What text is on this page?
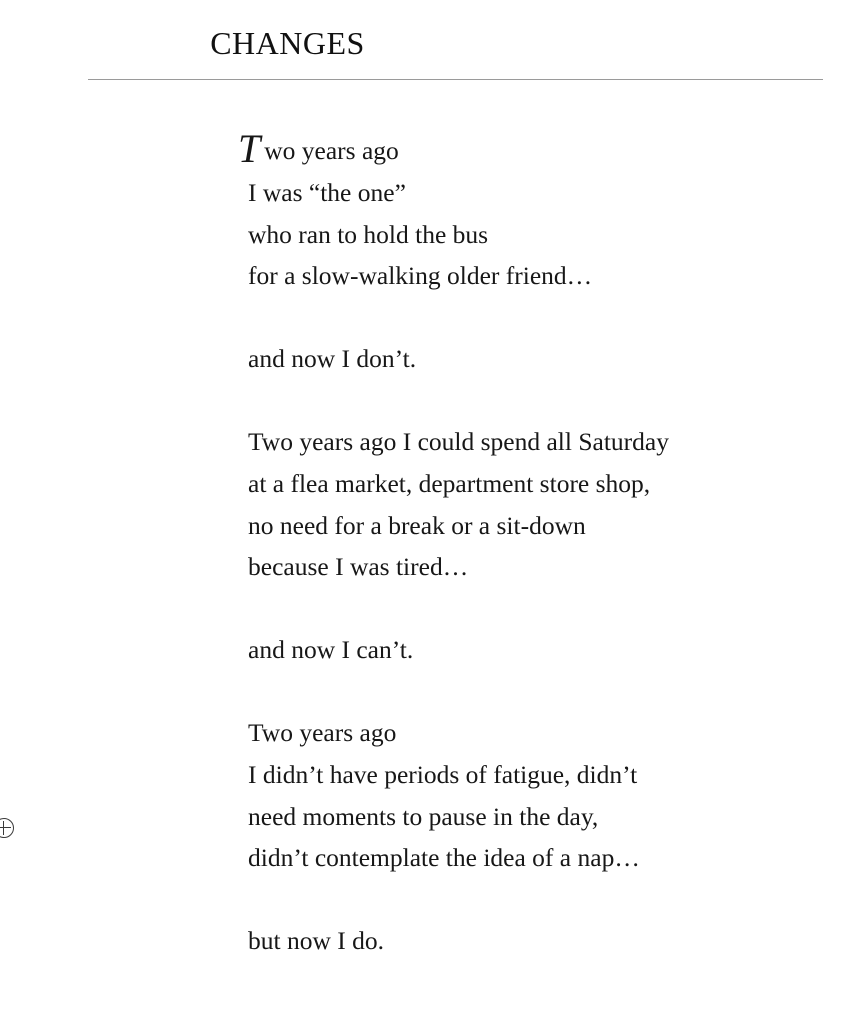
changes
Two years ago
I was “the one”
who ran to hold the bus
for a slow-walking older friend…
and now I don’t.
Two years ago I could spend all Saturday
at a flea market, department store shop,
no need for a break or a sit-down
because I was tired…
and now I can’t.
Two years ago
I didn’t have periods of fatigue, didn’t
need moments to pause in the day,
didn’t contemplate the idea of a nap…
but now I do.
